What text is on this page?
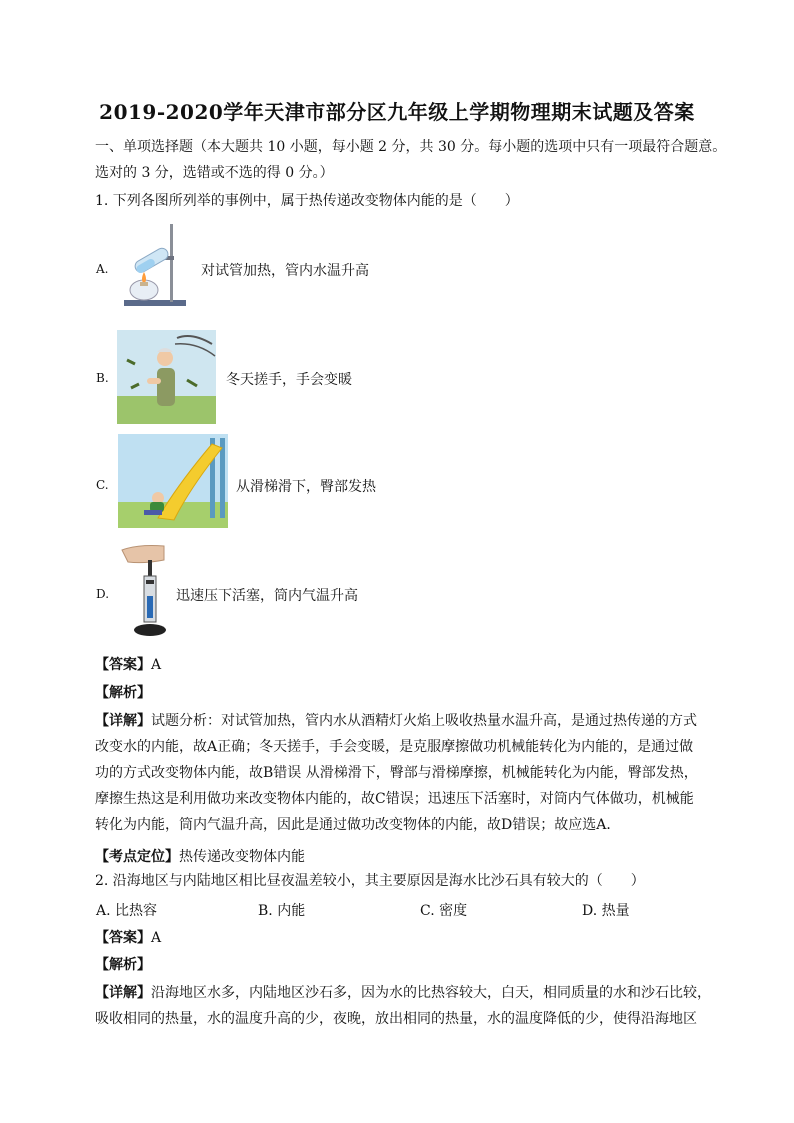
2019-2020学年天津市部分区九年级上学期物理期末试题及答案
一、单项选择题（本大题共 10 小题，每小题 2 分，共 30 分。每小题的选项中只有一项最符合题意。
选对的 3 分，选错或不选的得 0 分。）
1. 下列各图所列举的事例中，属于热传递改变物体内能的是（　　）
A.	对试管加热，管内水温升高
B.	冬天搓手，手会变暖
C.	从滑梯滑下，臀部发热
D.	迅速压下活塞，筒内气温升高
【答案】A
【解析】
【详解】试题分析：对试管加热，管内水从酒精灯火焰上吸收热量水温升高，是通过热传递的方式
改变水的内能，故A正确；冬天搓手，手会变暖，是克服摩擦做功机械能转化为内能的，是通过做
功的方式改变物体内能，故B错误 从滑梯滑下，臀部与滑梯摩擦，机械能转化为内能，臀部发热，
摩擦生热这是利用做功来改变物体内能的，故C错误；迅速压下活塞时，对筒内气体做功，机械能
转化为内能，筒内气温升高，因此是通过做功改变物体的内能，故D错误；故应选A．
【考点定位】热传递改变物体内能
2. 沿海地区与内陆地区相比昼夜温差较小，其主要原因是海水比沙石具有较大的（　　）
A. 比热容	B. 内能	C. 密度	D. 热量
【答案】A
【解析】
【详解】沿海地区水多，内陆地区沙石多，因为水的比热容较大，白天，相同质量的水和沙石比较，
吸收相同的热量，水的温度升高的少，夜晚，放出相同的热量，水的温度降低的少，使得沿海地区
